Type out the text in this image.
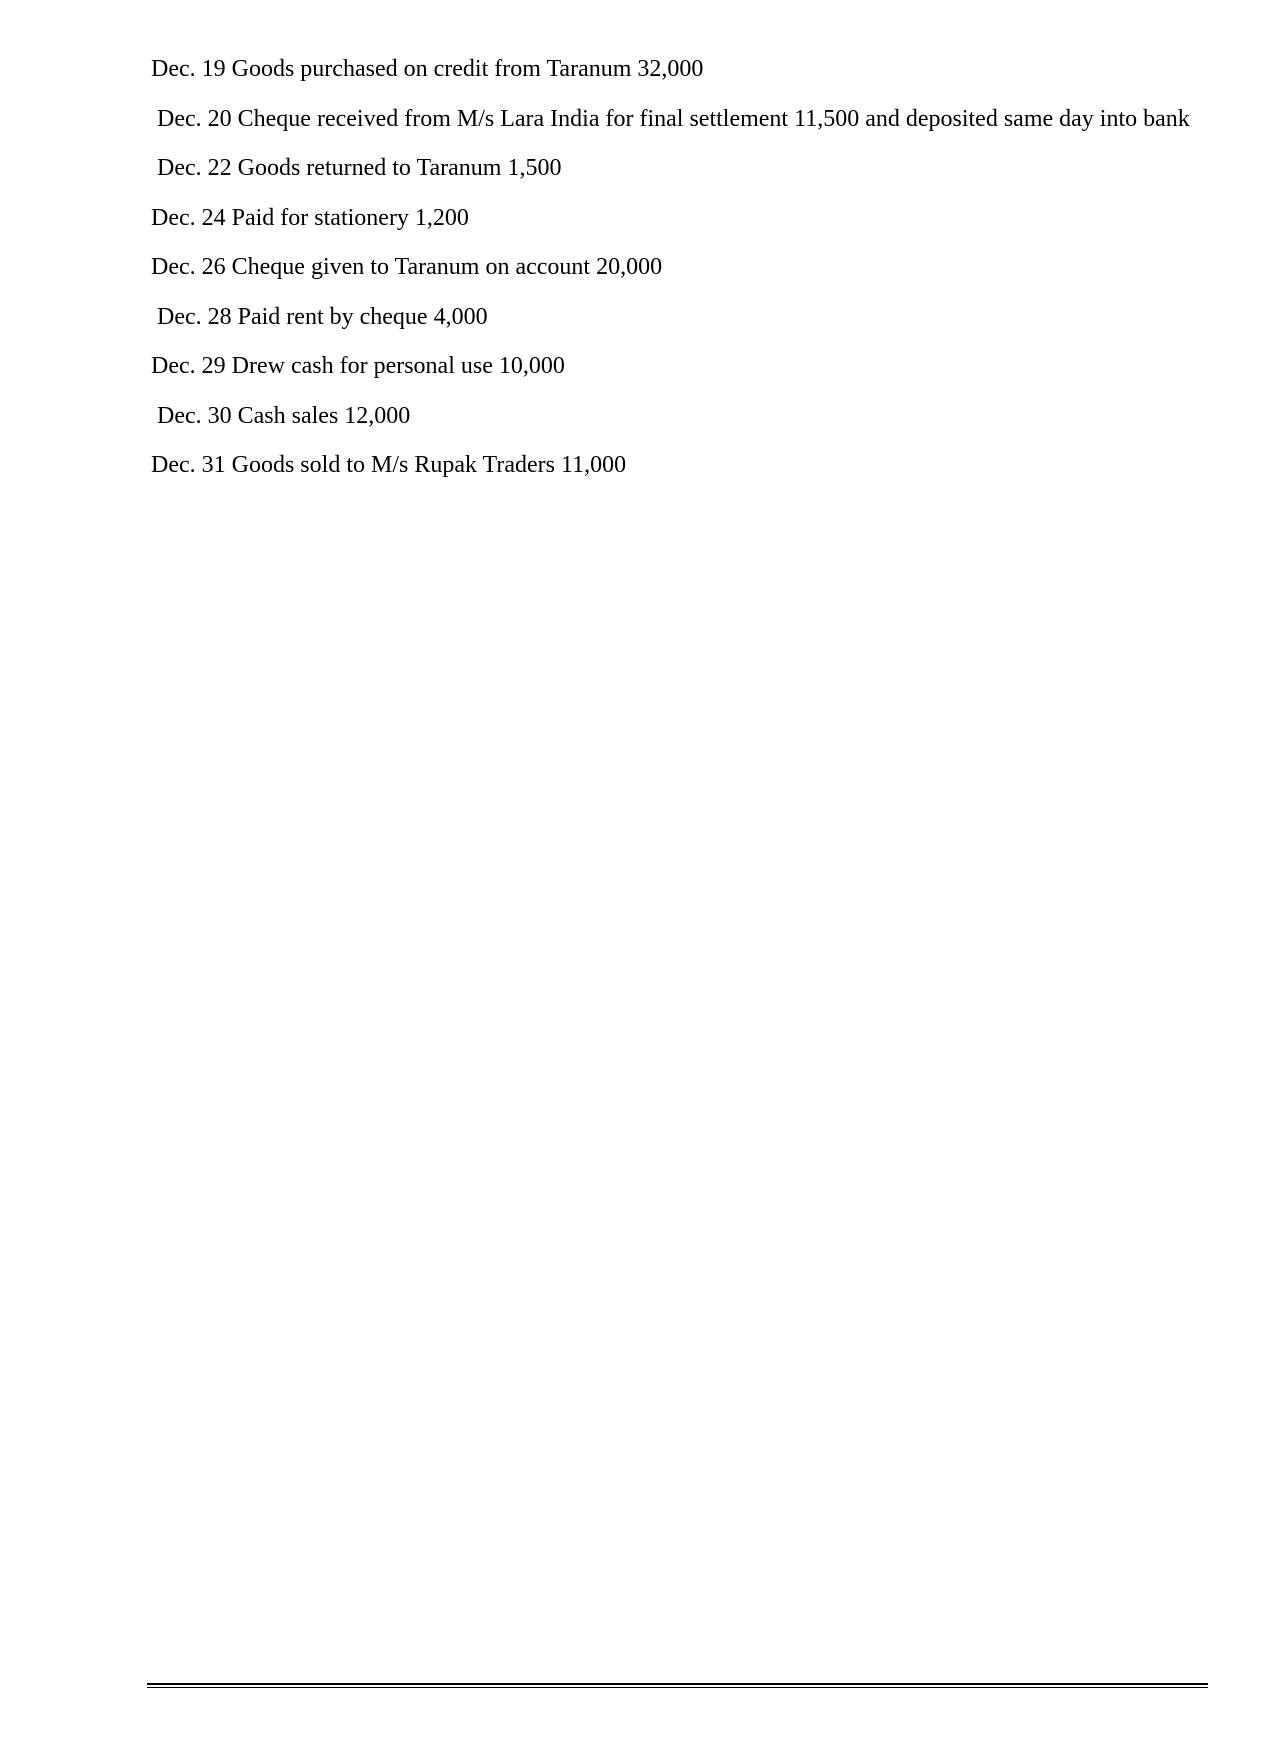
Dec. 19 Goods purchased on credit from Taranum 32,000
Dec. 20 Cheque received from M/s Lara India for final settlement 11,500 and deposited same day into bank
Dec. 22 Goods returned to Taranum 1,500
Dec. 24 Paid for stationery 1,200
Dec. 26 Cheque given to Taranum on account 20,000
Dec. 28 Paid rent by cheque 4,000
Dec. 29 Drew cash for personal use 10,000
Dec. 30 Cash sales 12,000
Dec. 31 Goods sold to M/s Rupak Traders 11,000
